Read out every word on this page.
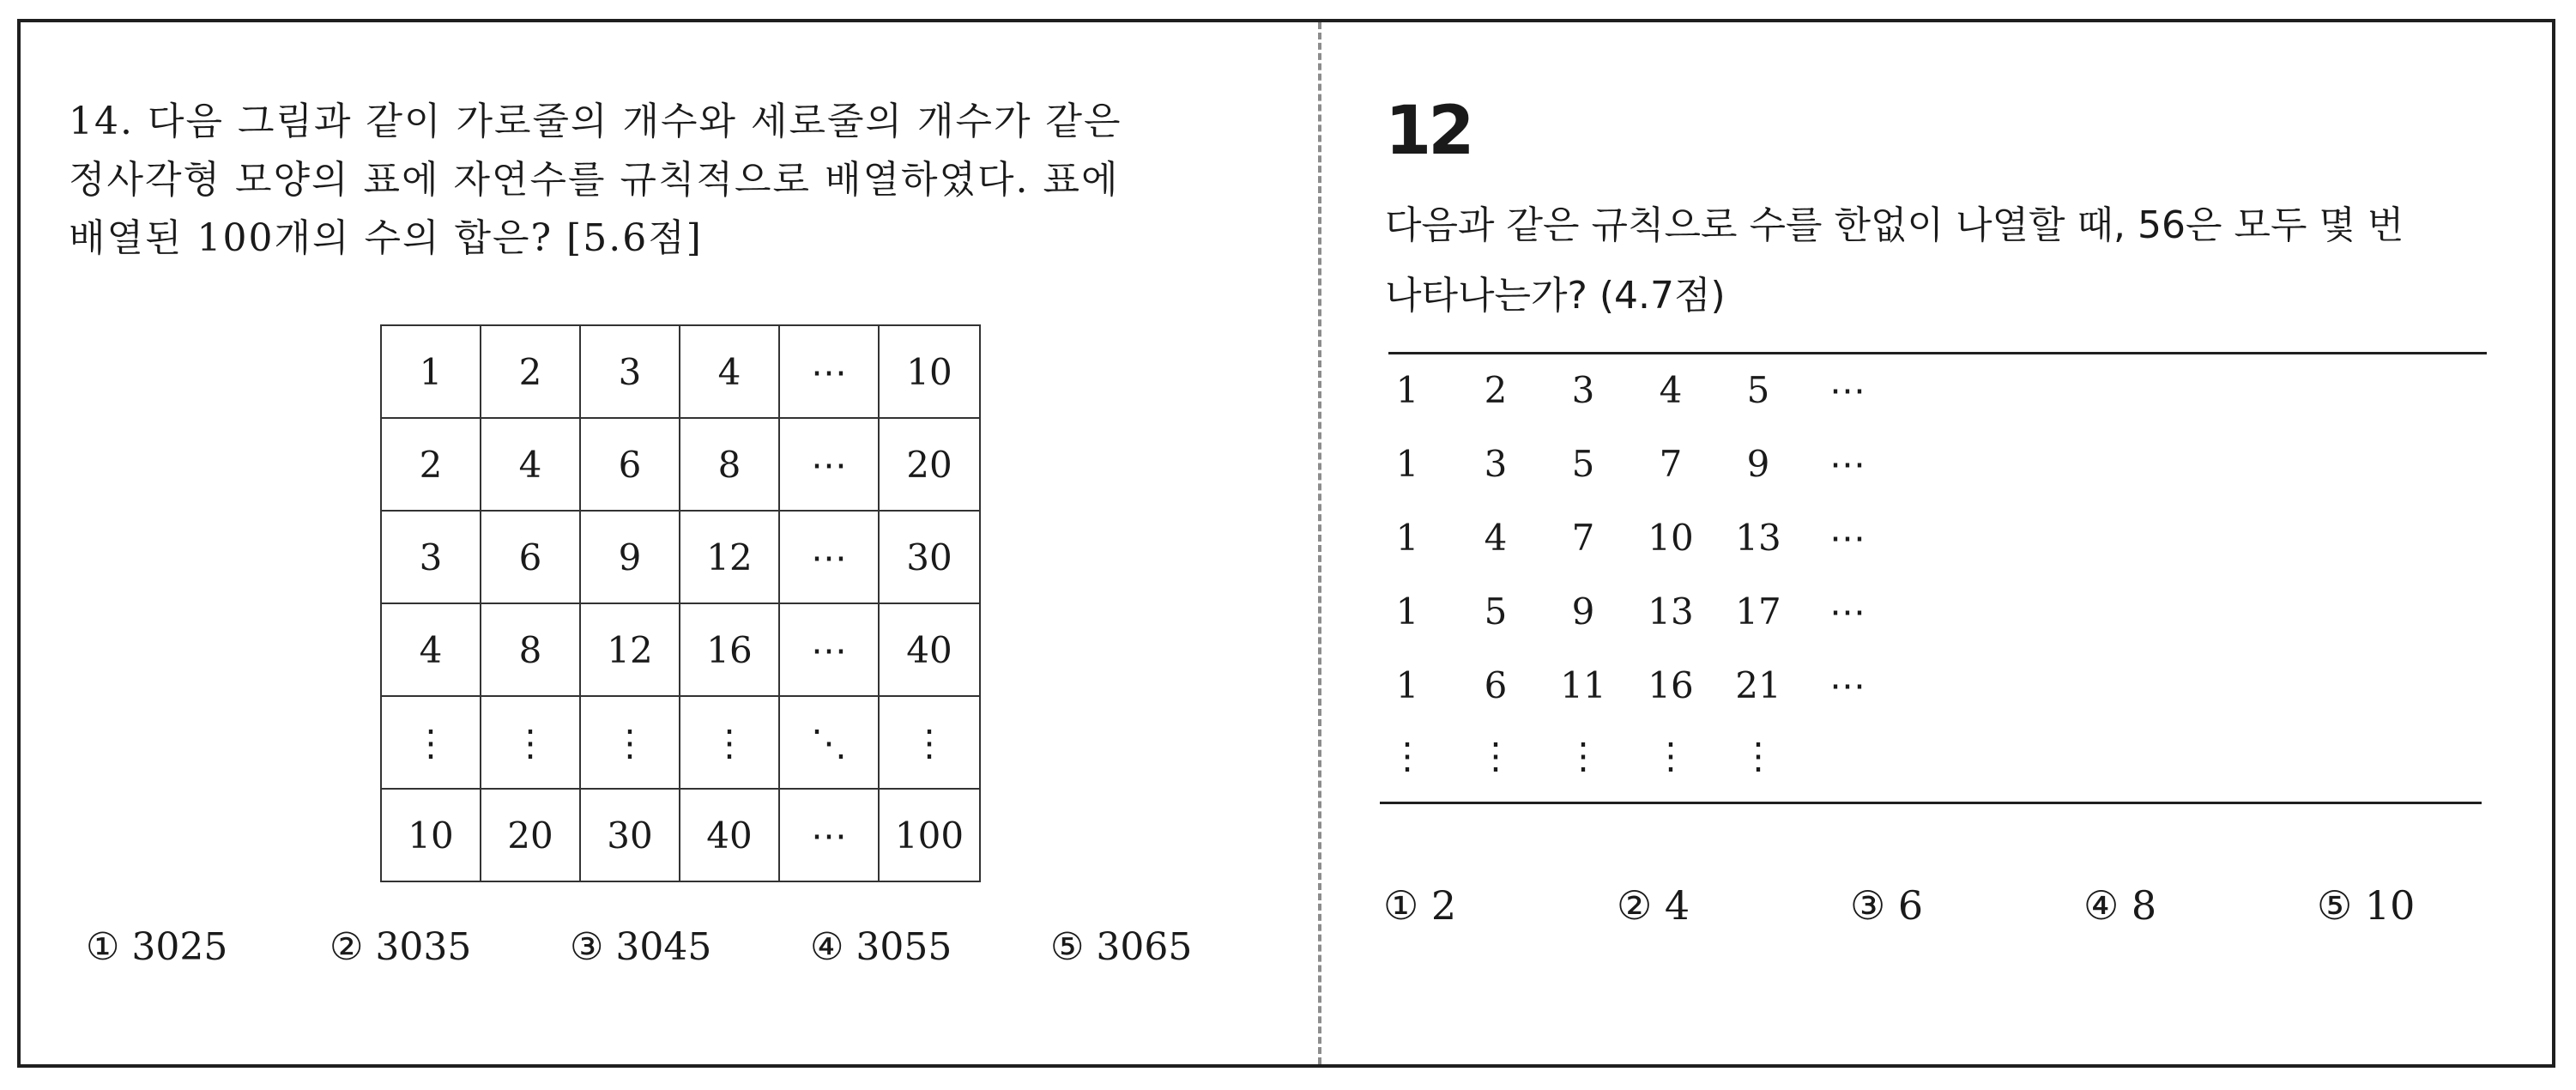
14. 다음 그림과 같이 가로줄의 개수와 세로줄의 개수가 같은
정사각형 모양의 표에 자연수를 규칙적으로 배열하였다. 표에
배열된 100개의 수의 합은? [5.6점]
1	2	3	4	⋯	10
2	4	6	8	⋯	20
3	6	9	12	⋯	30
4	8	12	16	⋯	40
⋮	⋮	⋮	⋮	⋱	⋮
10	20	30	40	⋯	100
① 3025	② 3035	③ 3045	④ 3055	⑤ 3065
12
다음과 같은 규칙으로 수를 한없이 나열할 때, 56은 모두 몇 번
나타나는가? (4.7점)
1	2	3	4	5	⋯
1	3	5	7	9	⋯
1	4	7	10	13	⋯
1	5	9	13	17	⋯
1	6	11	16	21	⋯
⋮	⋮	⋮	⋮	⋮
① 2	② 4	③ 6	④ 8	⑤ 10
